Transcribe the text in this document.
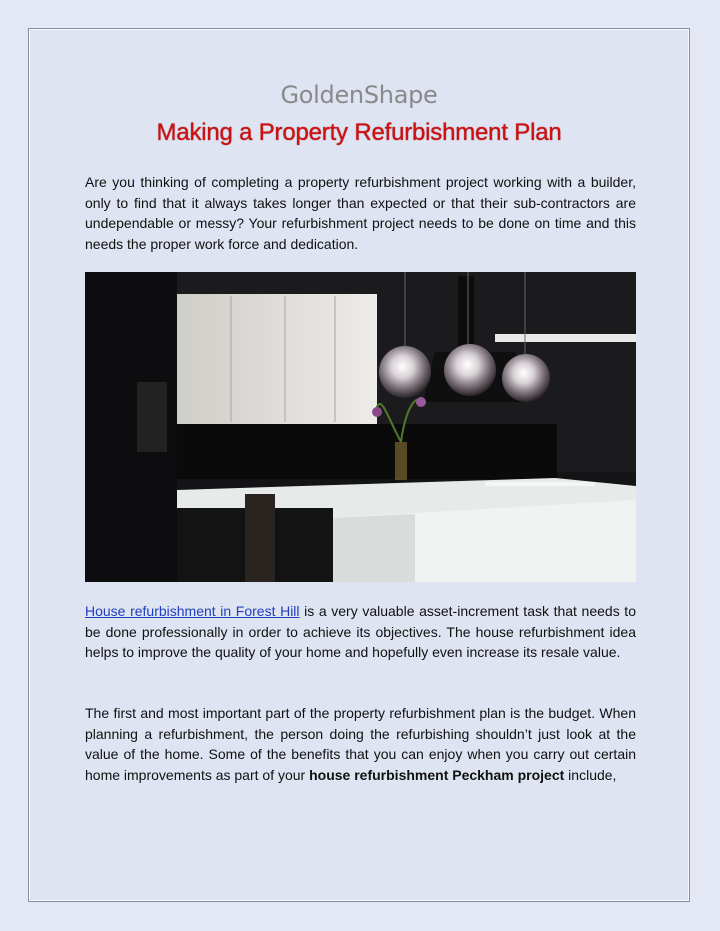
GoldenShape
Making a Property Refurbishment Plan

Are you thinking of completing a property refurbishment project working with a builder, only to find that it always takes longer than expected or that their sub-contractors are undependable or messy? Your refurbishment project needs to be done on time and this needs the proper work force and dedication.

House refurbishment in Forest Hill is a very valuable asset-increment task that needs to be done professionally in order to achieve its objectives. The house refurbishment idea helps to improve the quality of your home and hopefully even increase its resale value.

The first and most important part of the property refurbishment plan is the budget. When planning a refurbishment, the person doing the refurbishing shouldn’t just look at the value of the home. Some of the benefits that you can enjoy when you carry out certain home improvements as part of your house refurbishment Peckham project include,
